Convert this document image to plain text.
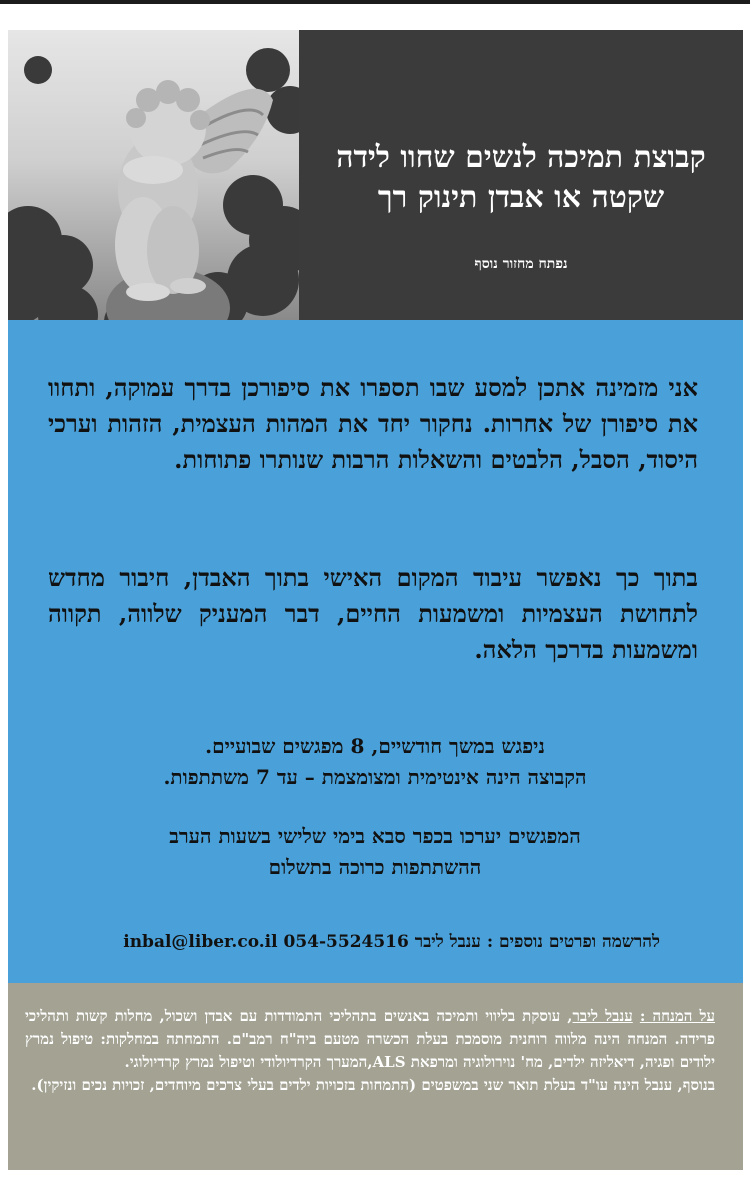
קבוצת תמיכה לנשים שחוו לידה
שקטה או אבדן תינוק רך
נפתח מחזור נוסף
אני מזמינה אתכן למסע שבו תספרו את סיפורכן בדרך עמוקה, ותחוו את סיפורן של אחרות. נחקור יחד את המהות העצמית, הזהות וערכי היסוד, הסבל, הלבטים והשאלות הרבות שנותרו פתוחות.
בתוך כך נאפשר עיבוד המקום האישי בתוך האבדן, חיבור מחדש לתחושת העצמיות ומשמעות החיים, דבר המעניק שלווה, תקווה ומשמעות בדרכך הלאה.
ניפגש במשך חודשיים, 8 מפגשים שבועיים.
הקבוצה הינה אינטימית ומצומצמת – עד 7 משתתפות.
המפגשים יערכו בכפר סבא בימי שלישי בשעות הערב
ההשתתפות כרוכה בתשלום
להרשמה ופרטים נוספים : ענבל ליבר 054-5524516 inbal@liber.co.il

על המנחה : ענבל ליבר, עוסקת בליווי ותמיכה באנשים בתהליכי התמודדות עם אבדן ושכול, מחלות קשות ותהליכי פרידה. המנחה הינה מלווה רוחנית מוסמכת בעלת הכשרה מטעם ביה"ח רמב"ם. התמחתה במחלקות: טיפול נמרץ ילודים ופגיה, דיאליזה ילדים, מח' נוירולוגיה ומרפאת ALS,המערך הקרדיולודי וטיפול נמרץ קרדיולוגי.

בנוסף, ענבל הינה עו"ד בעלת תואר שני במשפטים (התמחות בזכויות ילדים בעלי צרכים מיוחדים, זכויות נכים ונזיקין).
